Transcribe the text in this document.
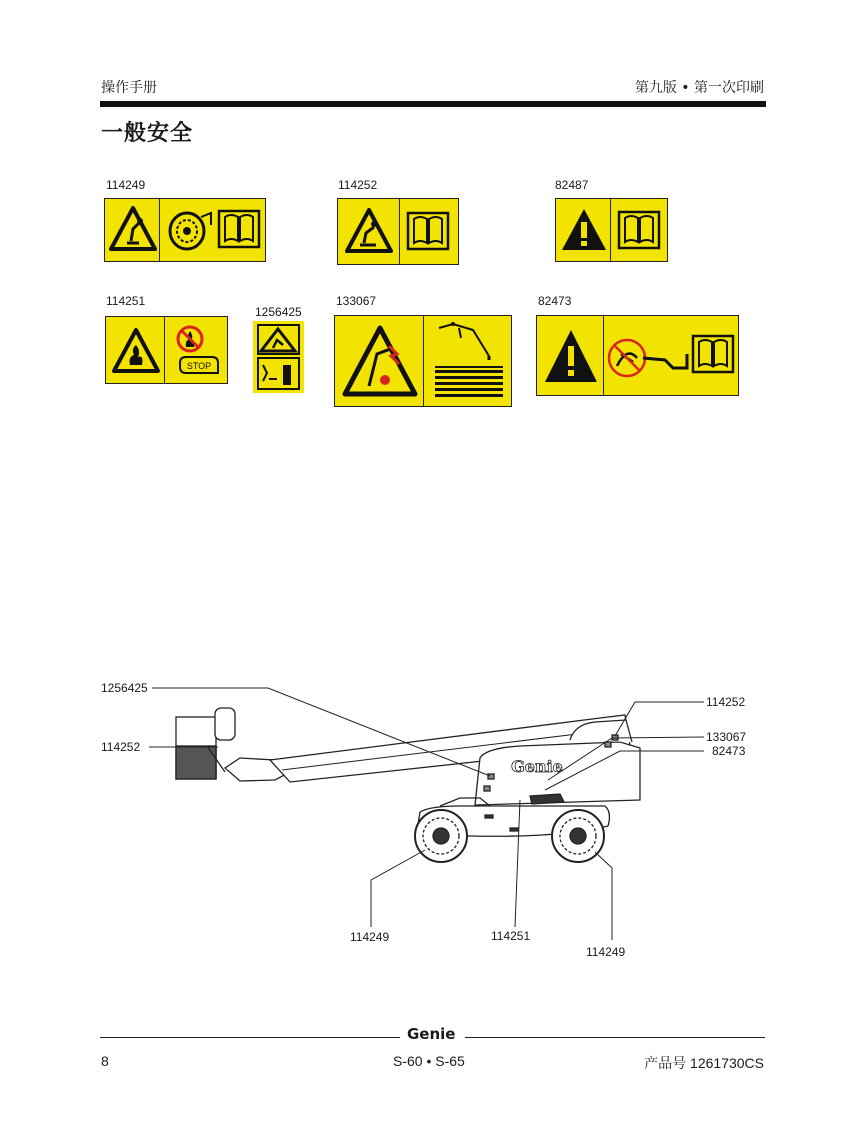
操作手册	第九版 • 第一次印刷
一般安全
114249	114252	82487
114251
1256425
133067	82473
STOP
Genie
1256425
114252
114252
133067
82473
114249	114251
114249
Genie
8	S-60 • S-65	产品号 1261730CS
